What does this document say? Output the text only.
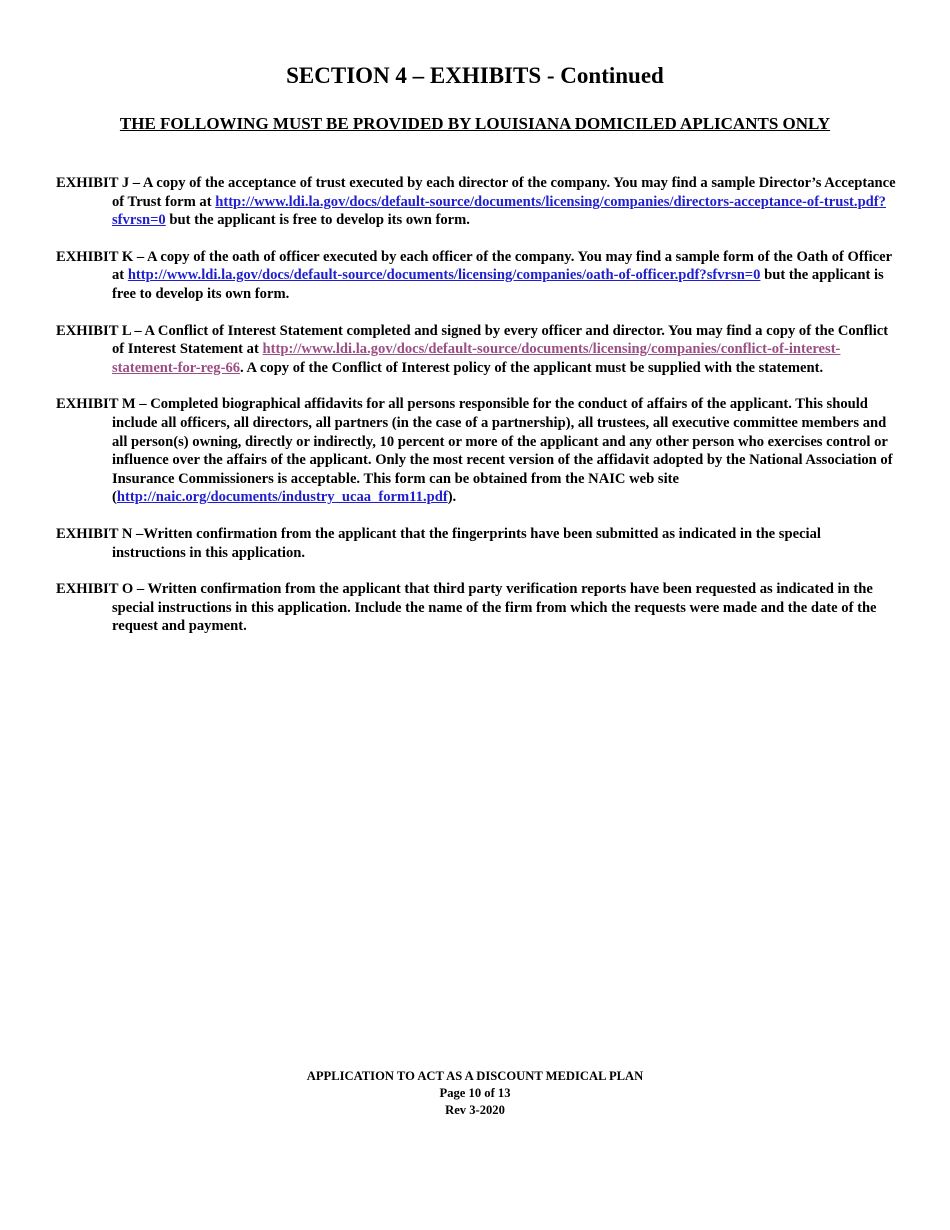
SECTION 4 – EXHIBITS - Continued
THE FOLLOWING MUST BE PROVIDED BY LOUISIANA DOMICILED APLICANTS ONLY

EXHIBIT J – A copy of the acceptance of trust executed by each director of the company. You may find a sample Director’s Acceptance of Trust form at http://www.ldi.la.gov/docs/default-source/documents/licensing/companies/directors-acceptance-of-trust.pdf?sfvrsn=0 but the applicant is free to develop its own form.

EXHIBIT K – A copy of the oath of officer executed by each officer of the company. You may find a sample form of the Oath of Officer at http://www.ldi.la.gov/docs/default-source/documents/licensing/companies/oath-of-officer.pdf?sfvrsn=0 but the applicant is free to develop its own form.

EXHIBIT L – A Conflict of Interest Statement completed and signed by every officer and director. You may find a copy of the Conflict of Interest Statement at http://www.ldi.la.gov/docs/default-source/documents/licensing/companies/conflict-of-interest-statement-for-reg-66. A copy of the Conflict of Interest policy of the applicant must be supplied with the statement.

EXHIBIT M – Completed biographical affidavits for all persons responsible for the conduct of affairs of the applicant. This should include all officers, all directors, all partners (in the case of a partnership), all trustees, all executive committee members and all person(s) owning, directly or indirectly, 10 percent or more of the applicant and any other person who exercises control or influence over the affairs of the applicant. Only the most recent version of the affidavit adopted by the National Association of Insurance Commissioners is acceptable. This form can be obtained from the NAIC web site (http://naic.org/documents/industry_ucaa_form11.pdf).

EXHIBIT N –Written confirmation from the applicant that the fingerprints have been submitted as indicated in the special instructions in this application.

EXHIBIT O – Written confirmation from the applicant that third party verification reports have been requested as indicated in the special instructions in this application. Include the name of the firm from which the requests were made and the date of the request and payment.

APPLICATION TO ACT AS A DISCOUNT MEDICAL PLAN
Page 10 of 13
Rev 3-2020
